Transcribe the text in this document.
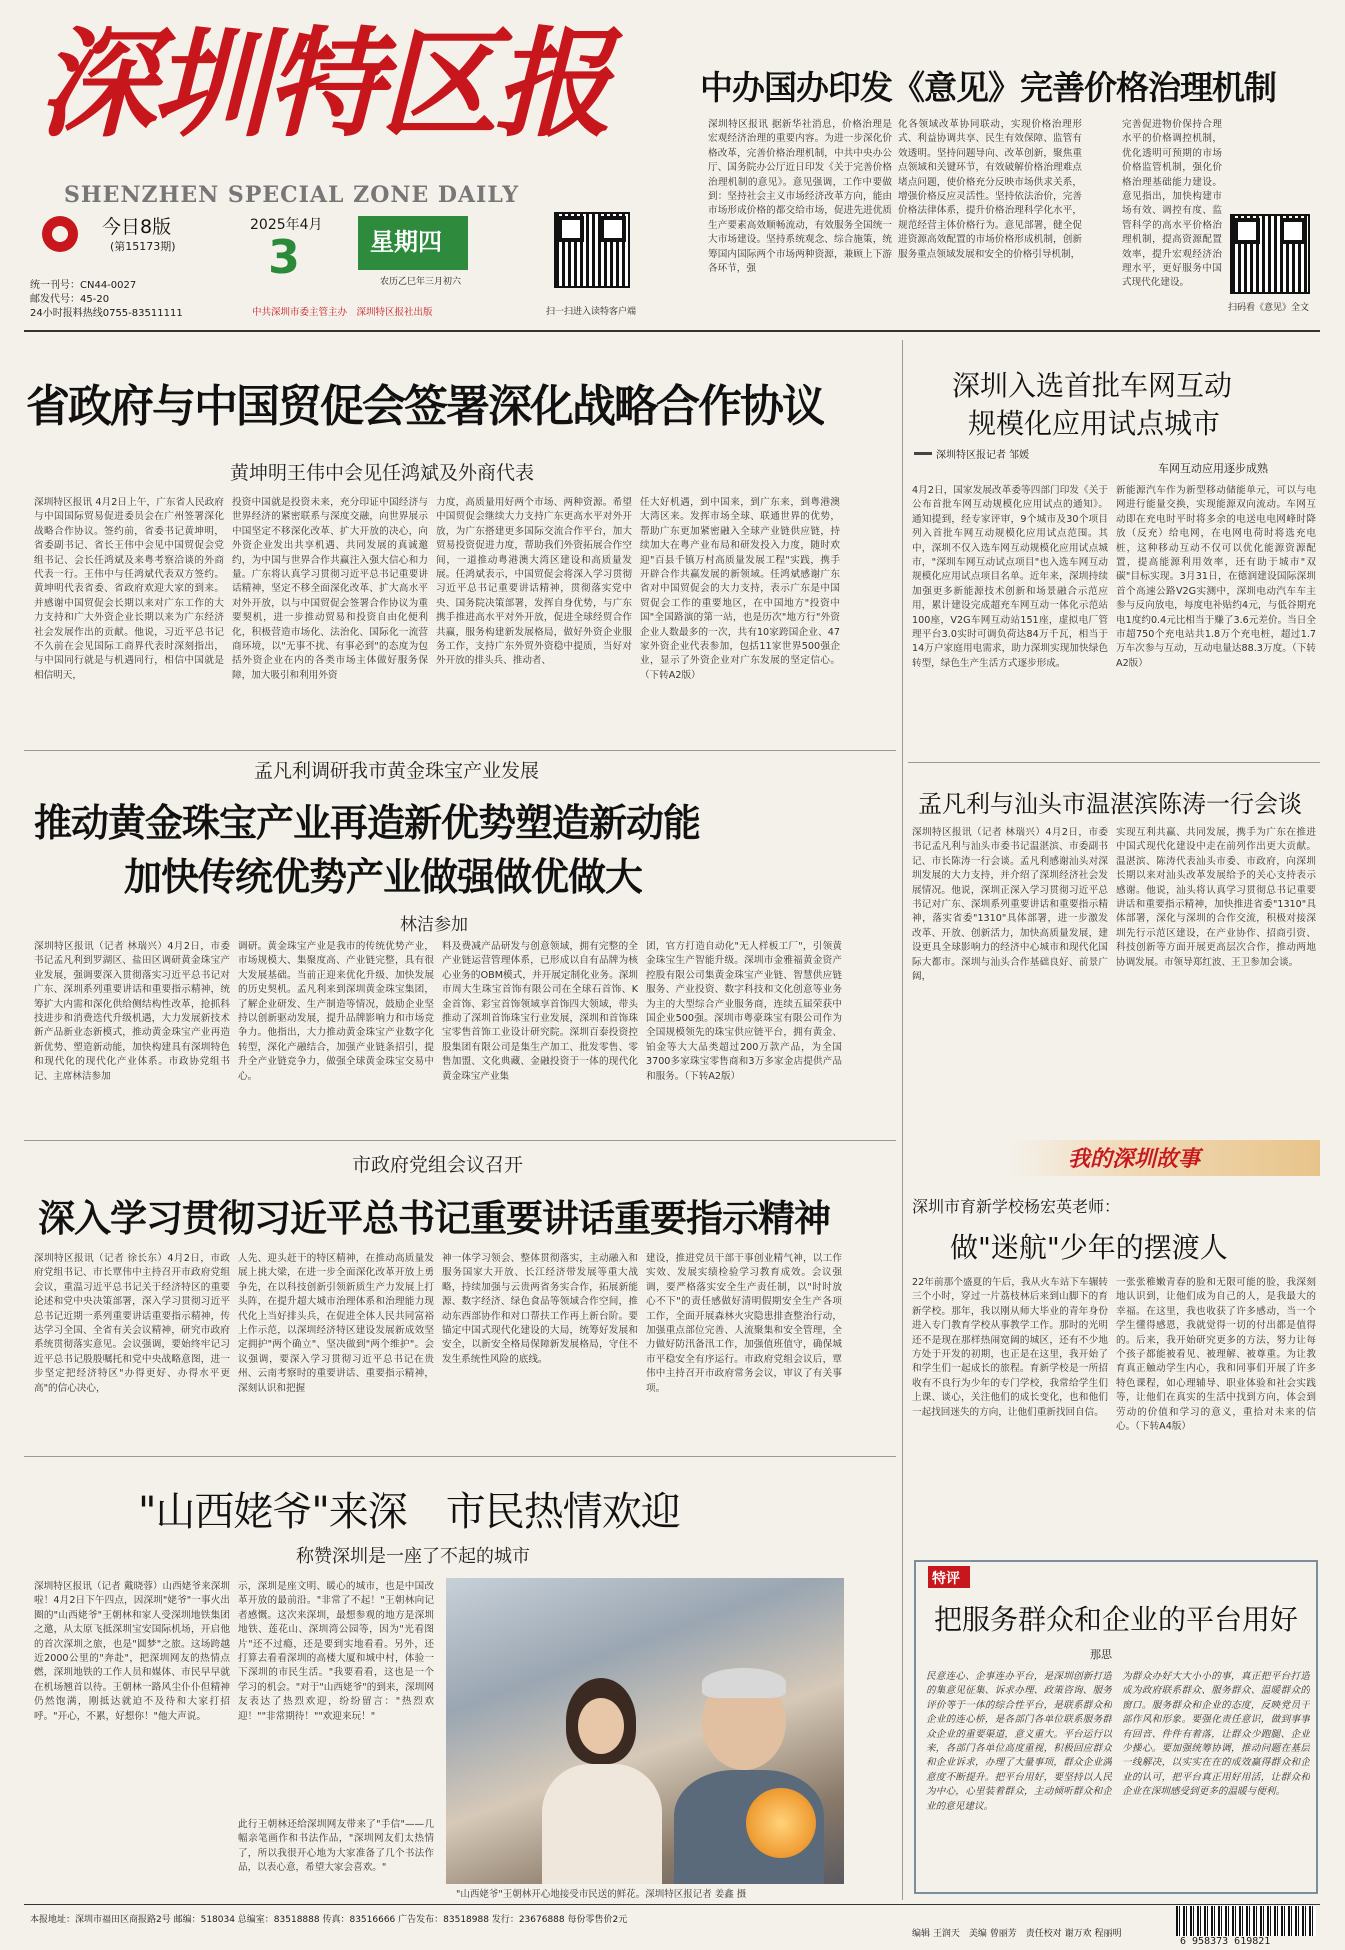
深圳特区报
SHENZHEN SPECIAL ZONE DAILY
今日8版
(第15173期)
2025年4月
3	星期四
农历乙巳年三月初六
统一刊号：CN44-0027
邮发代号：45-20
24小时报料热线0755-83511111	中共深圳市委主管主办　深圳特区报社出版	扫一扫进入读特客户端
中办国办印发《意见》完善价格治理机制
深圳特区报讯 据新华社消息，价格治理是宏观经济治理的重要内容。为进一步深化价格改革，完善价格治理机制，中共中央办公厅、国务院办公厅近日印发《关于完善价格治理机制的意见》。意见强调，工作中要做到：坚持社会主义市场经济改革方向，能由市场形成价格的都交给市场，促进先进优质生产要素高效顺畅流动，有效服务全国统一大市场建设。坚持系统观念、综合施策，统筹国内国际两个市场两种资源，兼顾上下游各环节，强
化各领域改革协同联动，实现价格治理形式、利益协调共享、民生有效保障、监管有效透明。坚持问题导向、改革创新，聚焦重点领域和关键环节，有效破解价格治理难点堵点问题，使价格充分反映市场供求关系，增强价格反应灵活性。坚持依法治价，完善价格法律体系，提升价格治理科学化水平，规范经营主体价格行为。意见部署，健全促进资源高效配置的市场价格形成机制，创新服务重点领域发展和安全的价格引导机制，
完善促进物价保持合理水平的价格调控机制，优化透明可预期的市场价格监管机制，强化价格治理基础能力建设。意见指出，加快构建市场有效、调控有度、监管科学的高水平价格治理机制，提高资源配置效率，提升宏观经济治理水平，更好服务中国式现代化建设。
扫码看《意见》全文
省政府与中国贸促会签署深化战略合作协议
黄坤明王伟中会见任鸿斌及外商代表
深圳特区报讯 4月2日上午，广东省人民政府与中国国际贸易促进委员会在广州签署深化战略合作协议。签约前，省委书记黄坤明，省委副书记、省长王伟中会见中国贸促会党组书记、会长任鸿斌及来粤考察洽谈的外商代表一行。王伟中与任鸿斌代表双方签约。黄坤明代表省委、省政府欢迎大家的到来。并感谢中国贸促会长期以来对广东工作的大力支持和广大外资企业长期以来为广东经济社会发展作出的贡献。他说，习近平总书记不久前在会见国际工商界代表时深刻指出，与中国同行就是与机遇同行，相信中国就是相信明天，
投资中国就是投资未来，充分印证中国经济与世界经济的紧密联系与深度交融，向世界展示中国坚定不移深化改革、扩大开放的决心，向外资企业发出共享机遇、共同发展的真诚邀约，为中国与世界合作共赢注入强大信心和力量。广东将认真学习贯彻习近平总书记重要讲话精神，坚定不移全面深化改革、扩大高水平对外开放，以与中国贸促会签署合作协议为重要契机，进一步推动贸易和投资自由化便利化，积极营造市场化、法治化、国际化一流营商环境，以"无事不扰、有事必到"的态度为包括外资企业在内的各类市场主体做好服务保障，加大吸引和利用外资
力度，高质量用好两个市场、两种资源。希望中国贸促会继续大力支持广东更高水平对外开放，为广东搭建更多国际交流合作平台，加大贸易投资促进力度，帮助我们外资拓展合作空间，一道推动粤港澳大湾区建设和高质量发展。任鸿斌表示，中国贸促会将深入学习贯彻习近平总书记重要讲话精神，贯彻落实党中央、国务院决策部署，发挥自身优势，与广东携手推进高水平对外开放，促进全球经贸合作共赢，服务构建新发展格局，做好外资企业服务工作，支持广东外贸外资稳中提质，当好对外开放的排头兵、推动者、
任大好机遇，到中国来，到广东来，到粤港澳大湾区来。发挥市场全球、联通世界的优势，帮助广东更加紧密融入全球产业链供应链，持续加大在粤产业布局和研发投入力度，随时欢迎"百县千镇万村高质量发展工程"实践，携手开辟合作共赢发展的新领域。任鸿斌感谢广东省对中国贸促会的大力支持，表示广东是中国贸促会工作的重要地区，在中国地方"投资中国"全国路演的第一站，也是历次"地方行"外资企业人数最多的一次，共有10家跨国企业、47家外资企业代表参加，包括11家世界500强企业，显示了外资企业对广东发展的坚定信心。（下转A2版）
深圳入选首批车网互动
规模化应用试点城市
深圳特区报记者 邹媛
车网互动应用逐步成熟
4月2日，国家发展改革委等四部门印发《关于公布首批车网互动规模化应用试点的通知》。通知提到，经专家评审，9个城市及30个项目列入首批车网互动规模化应用试点范围。其中，深圳不仅入选车网互动规模化应用试点城市，"深圳车网互动试点项目"也入选车网互动规模化应用试点项目名单。近年来，深圳持续加强更多新能源技术创新和场景融合示范应用，累计建设完成超充车网互动一体化示范站100座，V2G车网互动站151座，虚拟电厂管理平台3.0实时可调负荷达84万千瓦，相当于14万户家庭用电需求，助力深圳实现加快绿色转型，绿色生产生活方式逐步形成。
新能源汽车作为新型移动储能单元，可以与电网进行能量交换，实现能源双向流动。车网互动即在充电时平时将多余的电送电电网峰时降放（反充）给电网，在电网电荷时将选充电桩，这种移动互动不仅可以优化能源资源配置，提高能源利用效率，还有助于城市"双碳"目标实现。3月31日，在德润建设国际深圳首个高速公路V2G实测中，深圳电动汽车车主参与反向放电，每度电补贴约4元，与低谷期充电1度约0.4元比相当于赚了3.6元差价。当日全市超750个充电站共1.8万个充电桩，超过1.7万车次参与互动，互动电量达88.3万度。（下转A2版）
孟凡利调研我市黄金珠宝产业发展
推动黄金珠宝产业再造新优势塑造新动能
加快传统优势产业做强做优做大
林洁参加
深圳特区报讯（记者 林瑞兴）4月2日，市委书记孟凡利到罗湖区、盐田区调研黄金珠宝产业发展，强调要深入贯彻落实习近平总书记对广东、深圳系列重要讲话和重要指示精神，统筹扩大内需和深化供给侧结构性改革，抢抓科技进步和消费迭代升级机遇，大力发展新技术新产品新业态新模式，推动黄金珠宝产业再造新优势、塑造新动能，加快构建具有深圳特色和现代化的现代化产业体系。市政协党组书记、主席林洁参加
调研。黄金珠宝产业是我市的传统优势产业，市场规模大、集聚度高、产业链完整，具有很大发展基础。当前正迎来优化升级、加快发展的历史契机。孟凡利来到深圳黄金珠宝集团，了解企业研发、生产制造等情况，鼓励企业坚持以创新驱动发展，提升品牌影响力和市场竞争力。他指出，大力推动黄金珠宝产业数字化转型，深化产融结合，加强产业链条招引，提升全产业链竞争力，做强全球黄金珠宝交易中心。
料及费减产品研发与创意领域，拥有完整的全产业链运营管理体系，已形成以自有品牌为核心业务的OBM模式，并开展定制化业务。深圳市周大生珠宝首饰有限公司在全球石首饰、K金首饰、彩宝首饰领域享首饰四大领域，带头推动了深圳首饰珠宝行业发展，深圳和首饰珠宝零售首饰工业设计研究院。深圳百泰投资控股集团有限公司是集生产加工、批发零售、零售加盟、文化典藏、金融投资于一体的现代化黄金珠宝产业集
团，官方打造自动化"无人样板工厂"，引领黄金珠宝生产智能升级。深圳市金雅福黄金资产控股有限公司集黄金珠宝产业链、智慧供应链服务、产业投资、数字科技和文化创意等业务为主的大型综合产业服务商，连续五届荣获中国企业500强。深圳市粤豪珠宝有限公司作为全国规模领先的珠宝供应链平台，拥有黄金、铂金等大大品类超过200万款产品，为全国3700多家珠宝零售商和3万多家金店提供产品和服务。（下转A2版）
孟凡利与汕头市温湛滨陈涛一行会谈
深圳特区报讯（记者 林瑞兴）4月2日，市委书记孟凡利与汕头市委书记温湛滨、市委副书记、市长陈涛一行会谈。孟凡利感谢汕头对深圳发展的大力支持，并介绍了深圳经济社会发展情况。他说，深圳正深入学习贯彻习近平总书记对广东、深圳系列重要讲话和重要指示精神，落实省委"1310"具体部署，进一步激发改革、开放、创新活力，加快高质量发展，建设更具全球影响力的经济中心城市和现代化国际大都市。深圳与汕头合作基础良好、前景广阔，
实现互利共赢、共同发展，携手为广东在推进中国式现代化建设中走在前列作出更大贡献。温湛滨、陈涛代表汕头市委、市政府，向深圳长期以来对汕头改革发展给予的关心支持表示感谢。他说，汕头将认真学习贯彻总书记重要讲话和重要指示精神，加快推进省委"1310"具体部署，深化与深圳的合作交流，积极对接深圳先行示范区建设，在产业协作、招商引资、科技创新等方面开展更高层次合作，推动两地协调发展。市领导郑红波、王卫参加会谈。
我的深圳故事
深圳市育新学校杨宏英老师：
做"迷航"少年的摆渡人
22年前那个盛夏的午后，我从火车站下车辗转三个小时，穿过一片荔枝林后来到山脚下的育新学校。那年，我以刚从师大毕业的青年身份进入专门教育学校从事教学工作。那时的光明还不是现在那样热闹宽阔的城区，还有不少地方处于开发的初期，也正是在这里，我开始了和学生们一起成长的旅程。育新学校是一所招收有不良行为少年的专门学校，我常给学生们上课、谈心，关注他们的成长变化，也和他们一起找回迷失的方向，让他们重新找回自信。
一张张稚嫩青春的脸和无限可能的脸，我深刻地认识到，让他们成为自己的人，是我最大的幸福。在这里，我也收获了许多感动，当一个学生懂得感恩，我就觉得一切的付出都是值得的。后来，我开始研究更多的方法，努力让每个孩子都能被看见、被理解、被尊重。为让教育真正触动学生内心，我和同事们开展了许多特色课程，如心理辅导、职业体验和社会实践等，让他们在真实的生活中找到方向，体会到劳动的价值和学习的意义，重拾对未来的信心。（下转A4版）
市政府党组会议召开
深入学习贯彻习近平总书记重要讲话重要指示精神
深圳特区报讯（记者 徐长东）4月2日，市政府党组书记、市长覃伟中主持召开市政府党组会议，重温习近平总书记关于经济特区的重要论述和党中央决策部署，深入学习贯彻习近平总书记近期一系列重要讲话重要指示精神，传达学习全国、全省有关会议精神，研究市政府系统贯彻落实意见。会议强调，要始终牢记习近平总书记殷殷嘱托和党中央战略意图，进一步坚定把经济特区"办得更好、办得水平更高"的信心决心，
人先、迎头赶干的特区精神，在推动高质量发展上挑大梁，在进一步全面深化改革开放上勇争先，在以科技创新引领新质生产力发展上打头阵，在提升超大城市治理体系和治理能力现代化上当好排头兵，在促进全体人民共同富裕上作示范，以深圳经济特区建设发展新成效坚定拥护"两个确立"、坚决做到"两个维护"。会议强调，要深入学习贯彻习近平总书记在贵州、云南考察时的重要讲话、重要指示精神，深刻认识和把握
神一体学习领会、整体贯彻落实，主动融入和服务国家大开放、长江经济带发展等重大战略，持续加强与云贵两省务实合作，拓展新能源、数字经济、绿色食品等领域合作空间，推动东西部协作和对口帮扶工作再上新台阶。要锚定中国式现代化建设的大局，统筹好发展和安全，以新安全格局保障新发展格局，守住不发生系统性风险的底线。
建设，推进党员干部干事创业精气神，以工作实效、发展实绩检验学习教育成效。会议强调，要严格落实安全生产责任制，以"时时放心不下"的责任感做好清明假期安全生产各项工作，全面开展森林火灾隐患排查整治行动，加强重点部位完善、人流聚集和安全管理，全力做好防汛备汛工作，加强值班值守，确保城市平稳安全有序运行。市政府党组会议后，覃伟中主持召开市政府常务会议，审议了有关事项。
"山西姥爷"来深　市民热情欢迎
称赞深圳是一座了不起的城市
深圳特区报讯（记者 戴晓蓉）山西姥爷来深圳啦！4月2日下午四点，因深圳"姥爷"一事火出圈的"山西姥爷"王朝林和家人受深圳地铁集团之邀，从太原飞抵深圳宝安国际机场，开启他的首次深圳之旅，也是"圆梦"之旅。这场跨越近2000公里的"奔赴"，把深圳网友的热情点燃，深圳地铁的工作人员和媒体、市民早早就在机场翘首以待。王朝林一路风尘仆仆但精神仍然饱满，刚抵达就迫不及待和大家打招呼。"开心，不累，好想你！"他大声说。
示，深圳是座文明、暖心的城市，也是中国改革开放的最前沿。"非常了不起！"王朝林向记者感慨。这次来深圳，最想参观的地方是深圳地铁、莲花山、深圳湾公园等，因为"光看图片"还不过瘾，还是要到实地看看。另外，还打算去看看深圳的高楼大厦和城中村，体验一下深圳的市民生活。"我要看看，这也是一个学习的机会。"对于"山西姥爷"的到来，深圳网友表达了热烈欢迎，纷纷留言："热烈欢迎！""非常期待！""欢迎来玩！"
此行王朝林还给深圳网友带来了"手信"——几幅亲笔画作和书法作品，"深圳网友们太热情了，所以我很开心地为大家准备了几个书法作品，以表心意，希望大家会喜欢。"
"山西姥爷"王朝林开心地接受市民送的鲜花。深圳特区报记者 姜鑫 摄
特评
把服务群众和企业的平台用好
那思
民意连心、企事连办平台，是深圳创新打造的集意见征集、诉求办理、政策咨询、服务评价等于一体的综合性平台，是联系群众和企业的连心桥，是各部门各单位联系服务群众企业的重要渠道，意义重大。平台运行以来，各部门各单位高度重视，积极回应群众和企业诉求，办理了大量事项，群众企业满意度不断提升。把平台用好，要坚持以人民为中心，心里装着群众，主动倾听群众和企业的意见建议。
为群众办好大大小小的事，真正把平台打造成为政府联系群众、服务群众、温暖群众的窗口。服务群众和企业的态度，反映党员干部作风和形象。要强化责任意识，做到事事有回音、件件有着落，让群众少跑腿、企业少操心。要加强统筹协调，推动问题在基层一线解决，以实实在在的成效赢得群众和企业的认可，把平台真正用好用活，让群众和企业在深圳感受到更多的温暖与便利。
本报地址：深圳市福田区商报路2号 邮编：518034 总编室：83518888 传真：83516666 广告发布：83518988 发行：23676888 每份零售价2元
编辑 王润天　美编 曾丽芳　责任校对 谢万欢 程丽明
6 958373 619821
